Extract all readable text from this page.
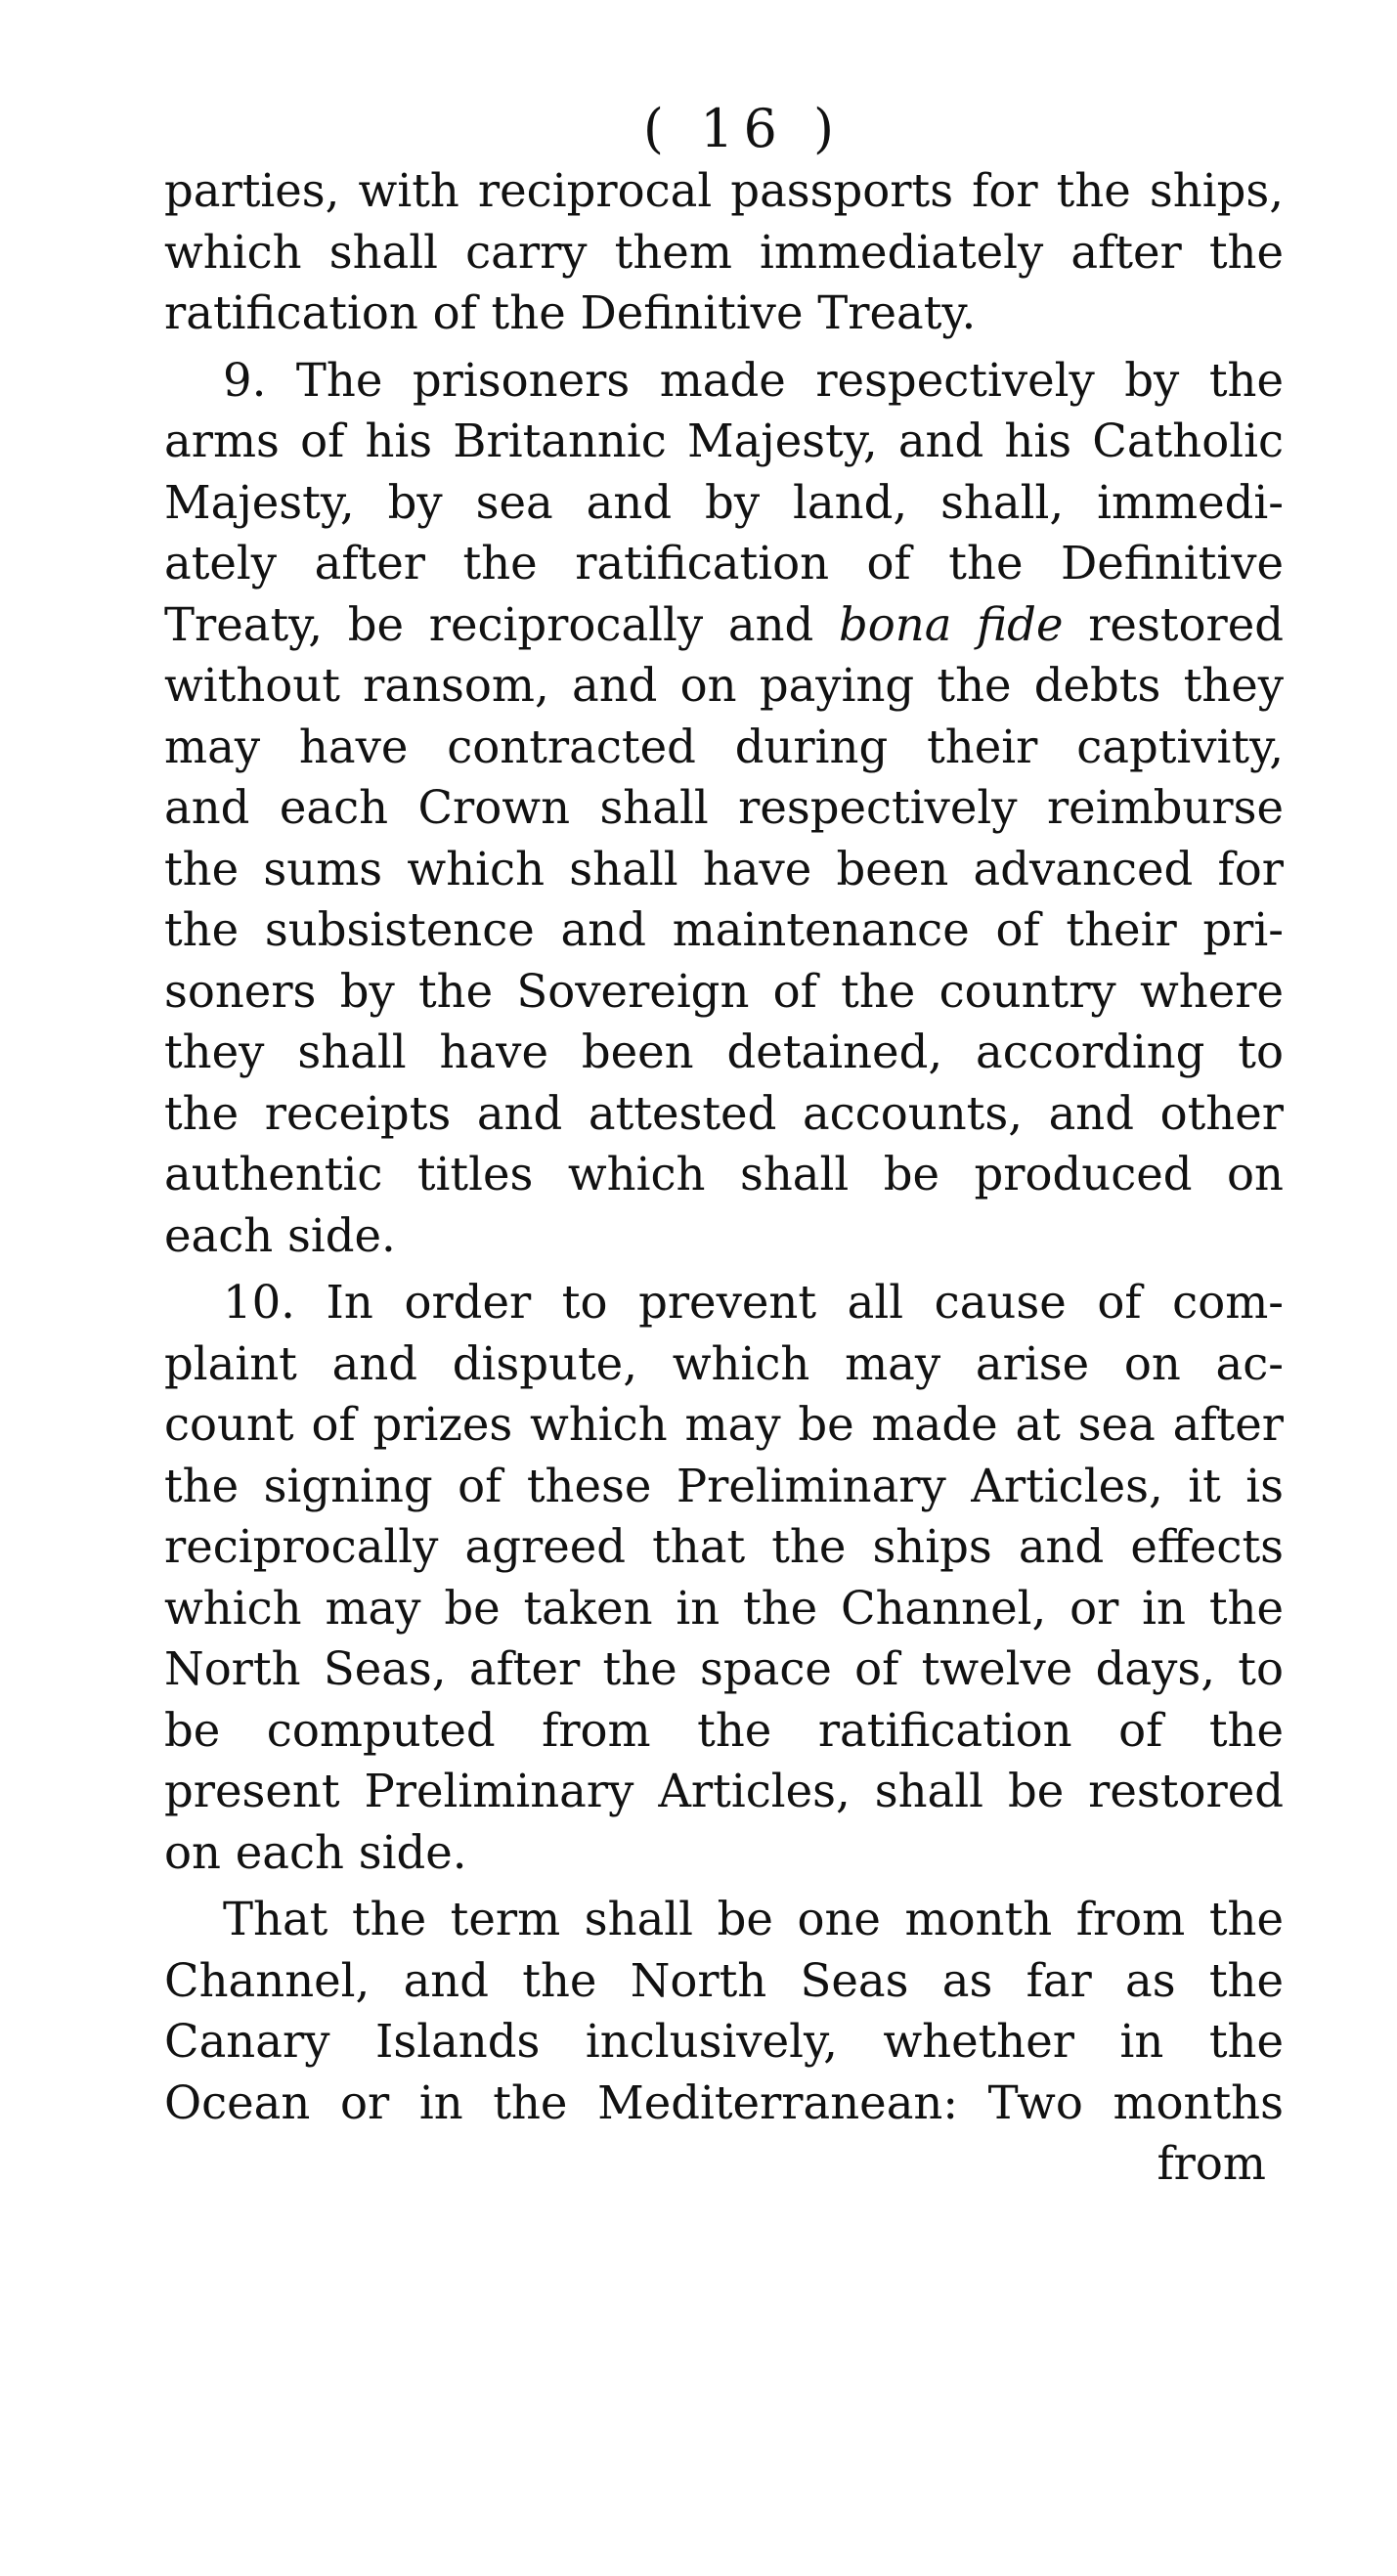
( 16 )
parties, with reciprocal passports for the ships,
which shall carry them immediately after the
ratification of the Definitive Treaty.
9. The prisoners made respectively by the
arms of his Britannic Majesty, and his Catholic
Majesty, by sea and by land, shall, immedi-
ately after the ratification of the Definitive
Treaty, be reciprocally and bona fide restored
without ransom, and on paying the debts they
may have contracted during their captivity,
and each Crown shall respectively reimburse
the sums which shall have been advanced for
the subsistence and maintenance of their pri-
soners by the Sovereign of the country where
they shall have been detained, according to
the receipts and attested accounts, and other
authentic titles which shall be produced on
each side.
10. In order to prevent all cause of com-
plaint and dispute, which may arise on ac-
count of prizes which may be made at sea after
the signing of these Preliminary Articles, it is
reciprocally agreed that the ships and effects
which may be taken in the Channel, or in the
North Seas, after the space of twelve days, to
be computed from the ratification of the
present Preliminary Articles, shall be restored
on each side.
That the term shall be one month from the
Channel, and the North Seas as far as the
Canary Islands inclusively, whether in the
Ocean or in the Mediterranean: Two months
from
